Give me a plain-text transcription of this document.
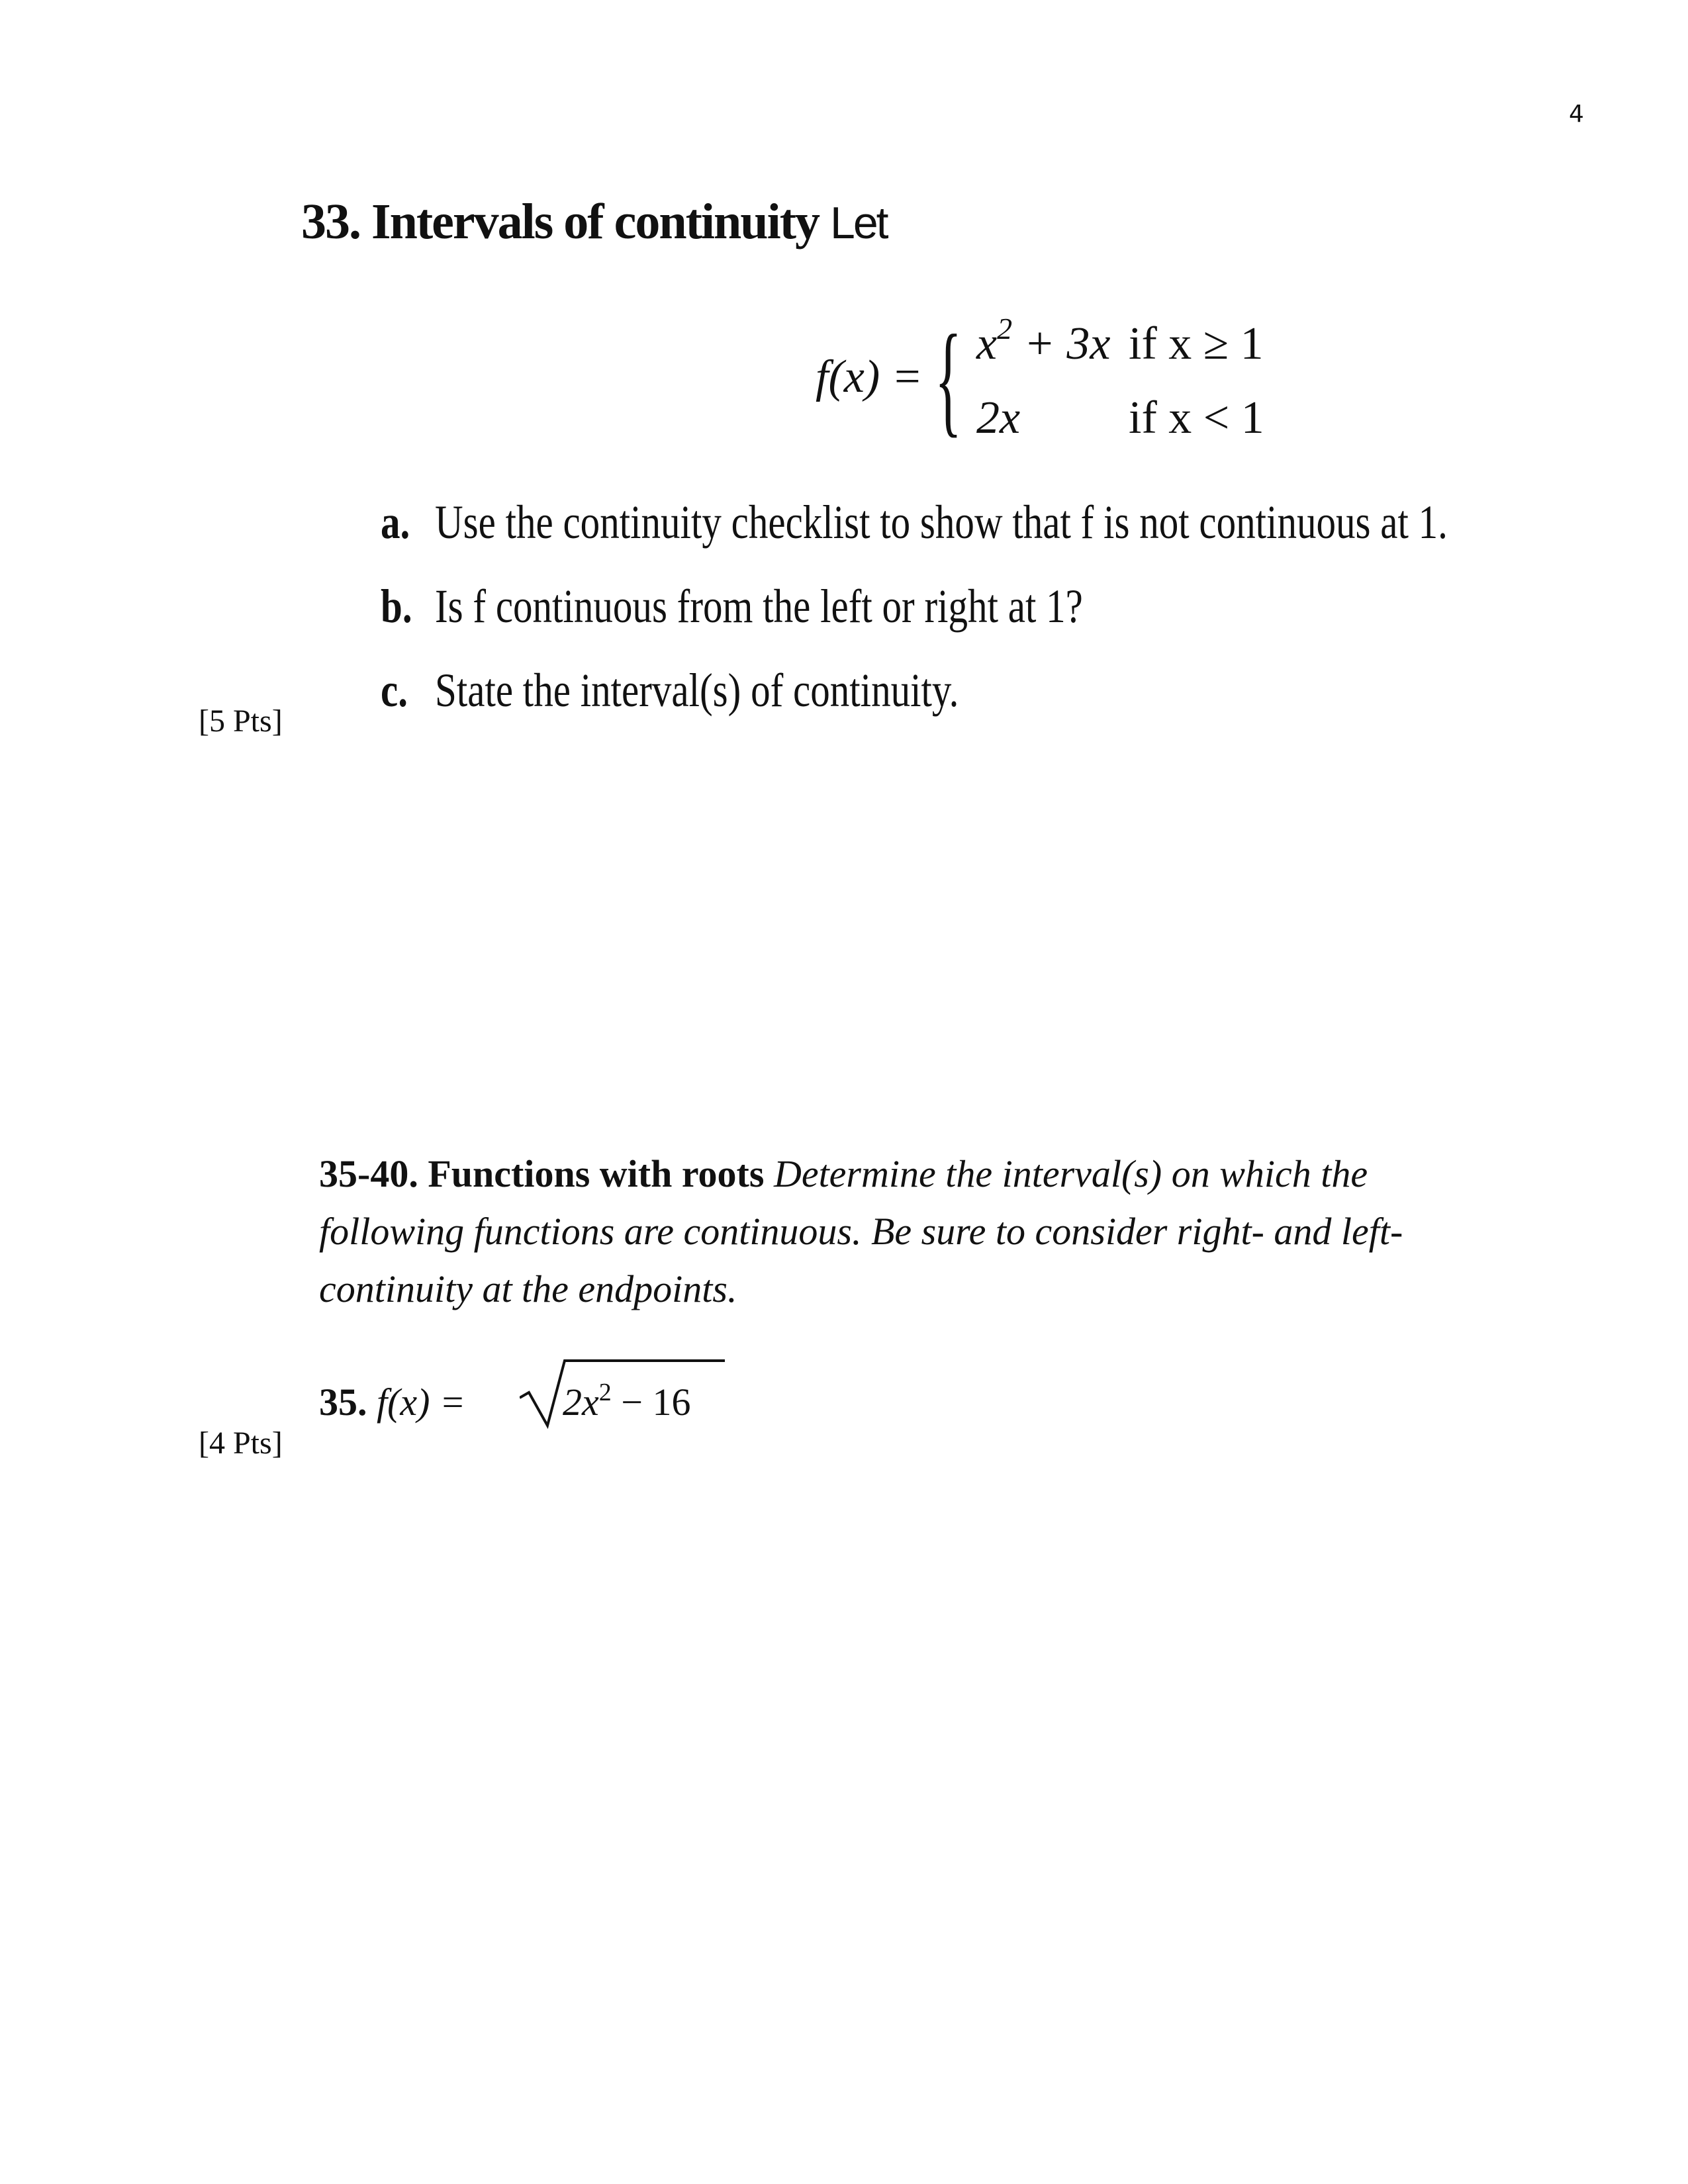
4
33. Intervals of continuity Let
f(x) = { $x^2 + 3x$ if x ≥ 1
2x if x < 1
a. Use the continuity checklist to show that f is not continuous at 1.
b. Is f continuous from the left or right at 1?
c. State the interval(s) of continuity.
[5 Pts]
35-40. Functions with roots Determine the interval(s) on which the
following functions are continuous. Be sure to consider right- and left-
continuity at the endpoints.
35. f(x) =	$2x^2 - 16$
[4 Pts]
